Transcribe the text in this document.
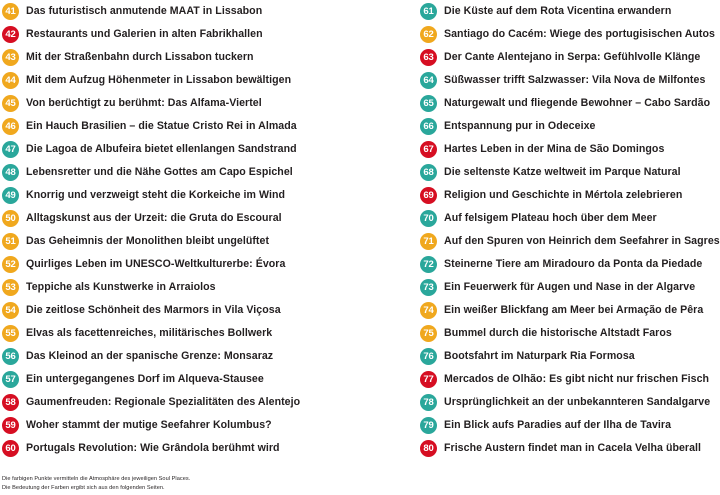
41 Das futuristisch anmutende MAAT in Lissabon
42 Restaurants und Galerien in alten Fabrikhallen
43 Mit der Straßenbahn durch Lissabon tuckern
44 Mit dem Aufzug Höhenmeter in Lissabon bewältigen
45 Von berüchtigt zu berühmt: Das Alfama-Viertel
46 Ein Hauch Brasilien – die Statue Cristo Rei in Almada
47 Die Lagoa de Albufeira bietet ellenlangen Sandstrand
48 Lebensretter und die Nähe Gottes am Capo Espichel
49 Knorrig und verzweigt steht die Korkeiche im Wind
50 Alltagskunst aus der Urzeit: die Gruta do Escoural
51 Das Geheimnis der Monolithen bleibt ungelüftet
52 Quirliges Leben im UNESCO-Weltkulturerbe: Évora
53 Teppiche als Kunstwerke in Arraiolos
54 Die zeitlose Schönheit des Marmors in Vila Viçosa
55 Elvas als facettenreiches, militärisches Bollwerk
56 Das Kleinod an der spanische Grenze: Monsaraz
57 Ein untergegangenes Dorf im Alqueva-Stausee
58 Gaumenfreuden: Regionale Spezialitäten des Alentejo
59 Woher stammt der mutige Seefahrer Kolumbus?
60 Portugals Revolution: Wie Grândola berühmt wird
61 Die Küste auf dem Rota Vicentina erwandern
62 Santiago do Cacém: Wiege des portugisischen Autos
63 Der Cante Alentejano in Serpa: Gefühlvolle Klänge
64 Süßwasser trifft Salzwasser: Vila Nova de Milfontes
65 Naturgewalt und fliegende Bewohner – Cabo Sardão
66 Entspannung pur in Odeceixe
67 Hartes Leben in der Mina de São Domingos
68 Die seltenste Katze weltweit im Parque Natural
69 Religion und Geschichte in Mértola zelebrieren
70 Auf felsigem Plateau hoch über dem Meer
71 Auf den Spuren von Heinrich dem Seefahrer in Sagres
72 Steinerne Tiere am Miradouro da Ponta da Piedade
73 Ein Feuerwerk für Augen und Nase in der Algarve
74 Ein weißer Blickfang am Meer bei Armação de Pêra
75 Bummel durch die historische Altstadt Faros
76 Bootsfahrt im Naturpark Ria Formosa
77 Mercados de Olhão: Es gibt nicht nur frischen Fisch
78 Ursprünglichkeit an der unbekannteren Sandalgarve
79 Ein Blick aufs Paradies auf der Ilha de Tavira
80 Frische Austern findet man in Cacela Velha überall
Die farbigen Punkte vermitteln die Atmosphäre des jeweiligen Soul Places.
Die Bedeutung der Farben ergibt sich aus den folgenden Seiten.
